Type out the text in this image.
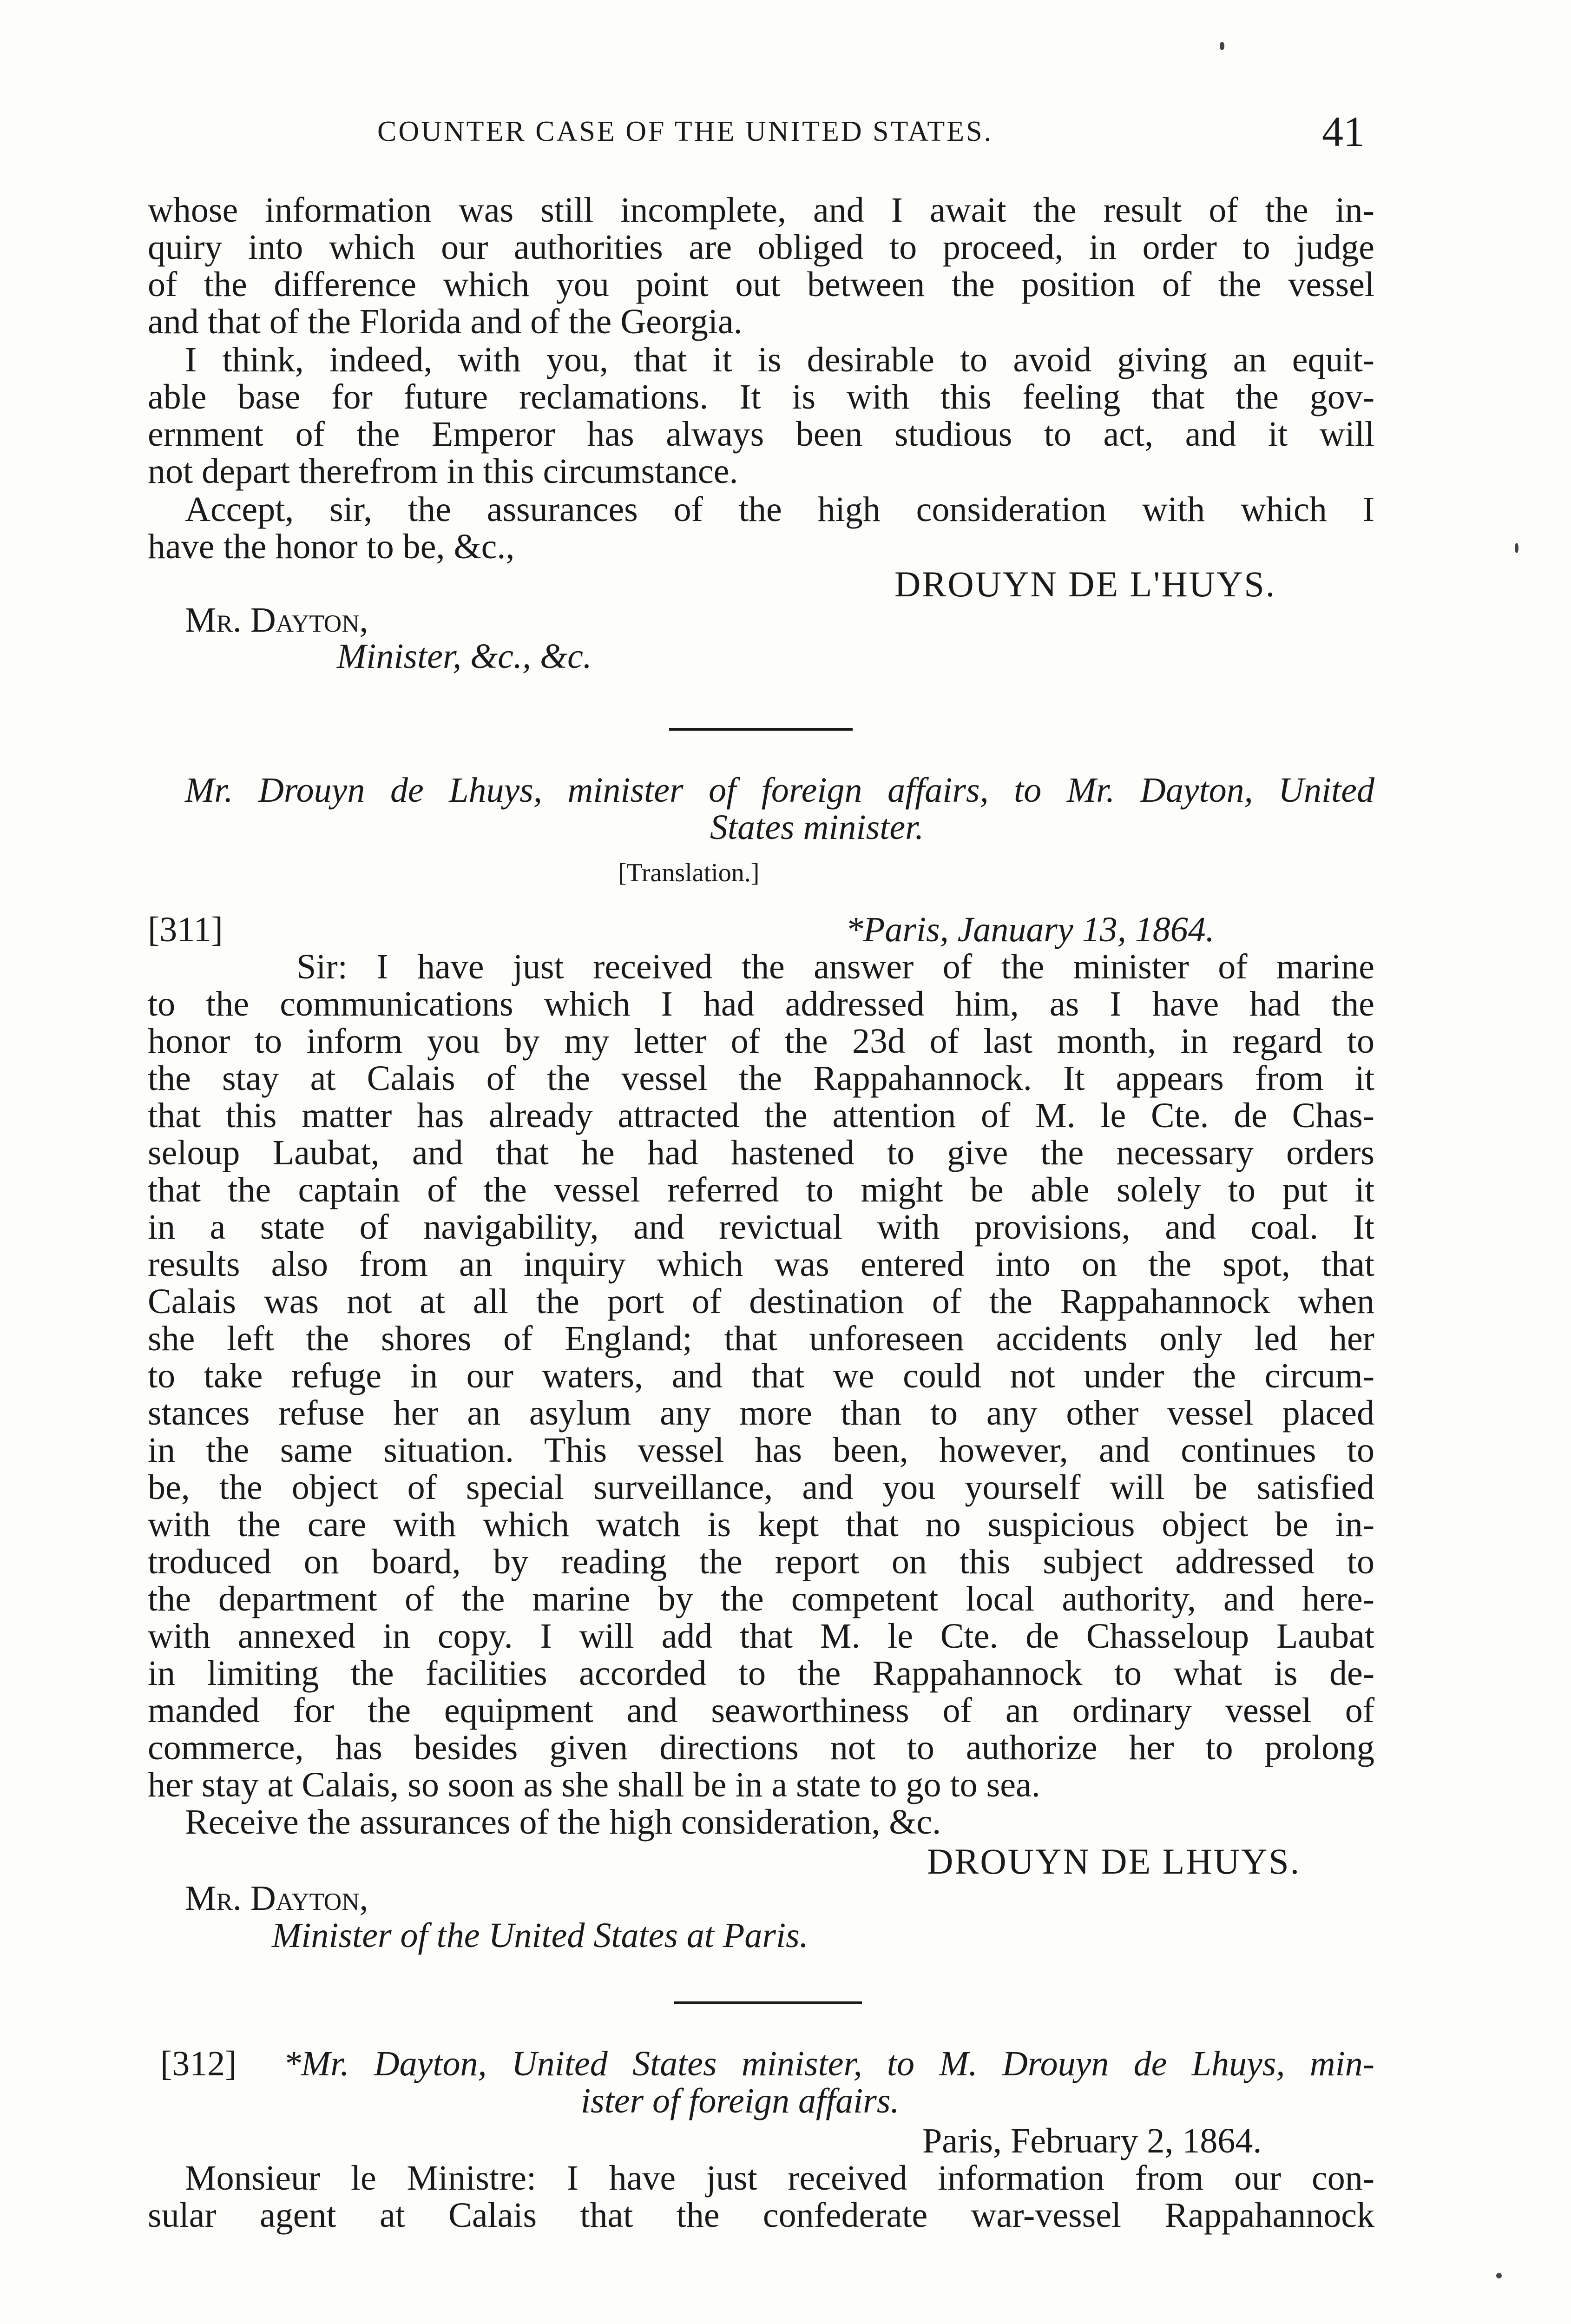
COUNTER CASE OF THE UNITED STATES.	41
whose information was still incomplete, and I await the result of the in-
quiry into which our authorities are obliged to proceed, in order to judge
of the difference which you point out between the position of the vessel
and that of the Florida and of the Georgia.
I think, indeed, with you, that it is desirable to avoid giving an equit-
able base for future reclamations. It is with this feeling that the gov-
ernment of the Emperor has always been studious to act, and it will
not depart therefrom in this circumstance.
Accept, sir, the assurances of the high consideration with which I
have the honor to be, &c.,
DROUYN DE L'HUYS.
Mr. Dayton,
Minister, &c., &c.
Mr. Drouyn de Lhuys, minister of foreign affairs, to Mr. Dayton, United
States minister.
[Translation.]
[311]	*Paris, January 13, 1864.
Sir: I have just received the answer of the minister of marine
to the communications which I had addressed him, as I have had the
honor to inform you by my letter of the 23d of last month, in regard to
the stay at Calais of the vessel the Rappahannock. It appears from it
that this matter has already attracted the attention of M. le Cte. de Chas-
seloup Laubat, and that he had hastened to give the necessary orders
that the captain of the vessel referred to might be able solely to put it
in a state of navigability, and revictual with provisions, and coal. It
results also from an inquiry which was entered into on the spot, that
Calais was not at all the port of destination of the Rappahannock when
she left the shores of England; that unforeseen accidents only led her
to take refuge in our waters, and that we could not under the circum-
stances refuse her an asylum any more than to any other vessel placed
in the same situation. This vessel has been, however, and continues to
be, the object of special surveillance, and you yourself will be satisfied
with the care with which watch is kept that no suspicious object be in-
troduced on board, by reading the report on this subject addressed to
the department of the marine by the competent local authority, and here-
with annexed in copy. I will add that M. le Cte. de Chasseloup Laubat
in limiting the facilities accorded to the Rappahannock to what is de-
manded for the equipment and seaworthiness of an ordinary vessel of
commerce, has besides given directions not to authorize her to prolong
her stay at Calais, so soon as she shall be in a state to go to sea.
Receive the assurances of the high consideration, &c.
DROUYN DE LHUYS.
Mr. Dayton,
Minister of the United States at Paris.
[312] *Mr. Dayton, United States minister, to M. Drouyn de Lhuys, min-
ister of foreign affairs.
Paris, February 2, 1864.
Monsieur le Ministre: I have just received information from our con-
sular agent at Calais that the confederate war-vessel Rappahannock
